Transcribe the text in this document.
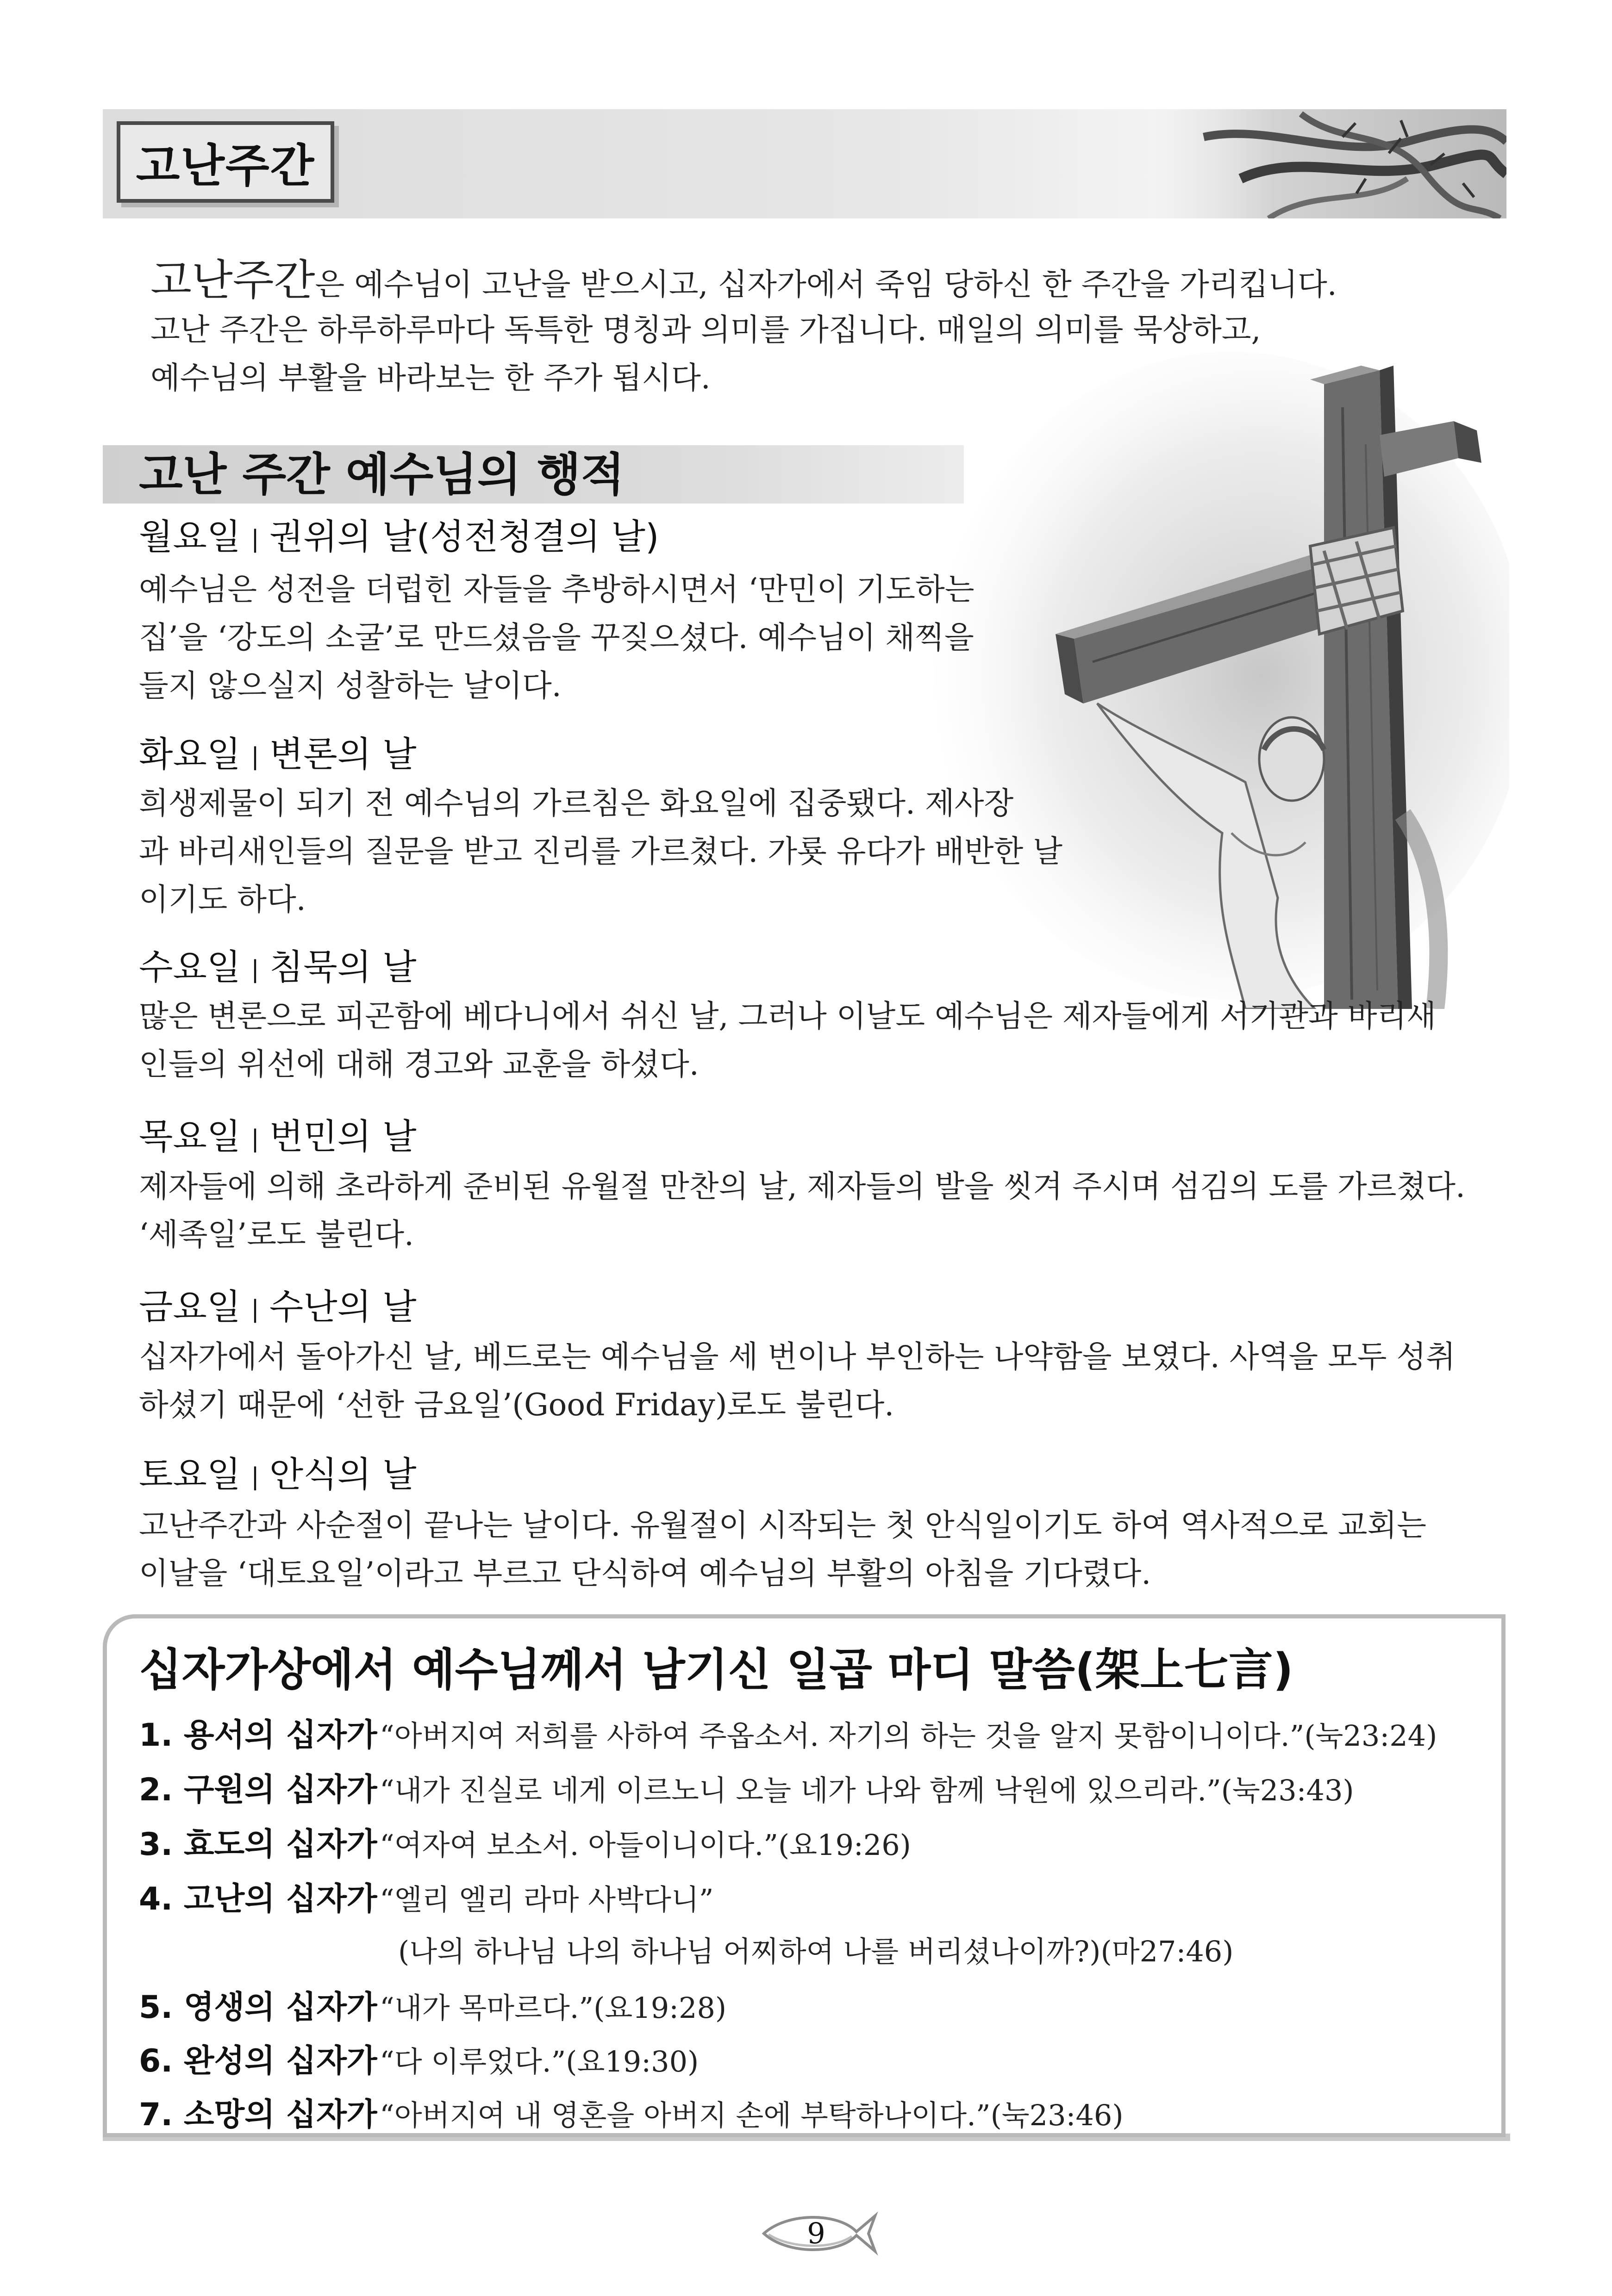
고난주간
고난주간은 예수님이 고난을 받으시고, 십자가에서 죽임 당하신 한 주간을 가리킵니다.
고난 주간은 하루하루마다 독특한 명칭과 의미를 가집니다. 매일의 의미를 묵상하고,
예수님의 부활을 바라보는 한 주가 됩시다.
고난 주간 예수님의 행적
월요일 | 권위의 날(성전청결의 날)
예수님은 성전을 더럽힌 자들을 추방하시면서 ‘만민이 기도하는
집’을 ‘강도의 소굴’로 만드셨음을 꾸짖으셨다. 예수님이 채찍을
들지 않으실지 성찰하는 날이다.
화요일 | 변론의 날
희생제물이 되기 전 예수님의 가르침은 화요일에 집중됐다. 제사장
과 바리새인들의 질문을 받고 진리를 가르쳤다. 가룟 유다가 배반한 날
이기도 하다.
수요일 | 침묵의 날
많은 변론으로 피곤함에 베다니에서 쉬신 날, 그러나 이날도 예수님은 제자들에게 서기관과 바리새
인들의 위선에 대해 경고와 교훈을 하셨다.
목요일 | 번민의 날
제자들에 의해 초라하게 준비된 유월절 만찬의 날, 제자들의 발을 씻겨 주시며 섬김의 도를 가르쳤다.
‘세족일’로도 불린다.
금요일 | 수난의 날
십자가에서 돌아가신 날, 베드로는 예수님을 세 번이나 부인하는 나약함을 보였다. 사역을 모두 성취
하셨기 때문에 ‘선한 금요일’(Good Friday)로도 불린다.
토요일 | 안식의 날
고난주간과 사순절이 끝나는 날이다. 유월절이 시작되는 첫 안식일이기도 하여 역사적으로 교회는
이날을 ‘대토요일’이라고 부르고 단식하여 예수님의 부활의 아침을 기다렸다.
십자가상에서 예수님께서 남기신 일곱 마디 말씀(架上七言)
1. 용서의 십자가“아버지여 저희를 사하여 주옵소서. 자기의 하는 것을 알지 못함이니이다.”(눅23:24)
2. 구원의 십자가“내가 진실로 네게 이르노니 오늘 네가 나와 함께 낙원에 있으리라.”(눅23:43)
3. 효도의 십자가“여자여 보소서. 아들이니이다.”(요19:26)
4. 고난의 십자가“엘리 엘리 라마 사박다니”
(나의 하나님 나의 하나님 어찌하여 나를 버리셨나이까?)(마27:46)
5. 영생의 십자가“내가 목마르다.”(요19:28)
6. 완성의 십자가“다 이루었다.”(요19:30)
7. 소망의 십자가“아버지여 내 영혼을 아버지 손에 부탁하나이다.”(눅23:46)
9
